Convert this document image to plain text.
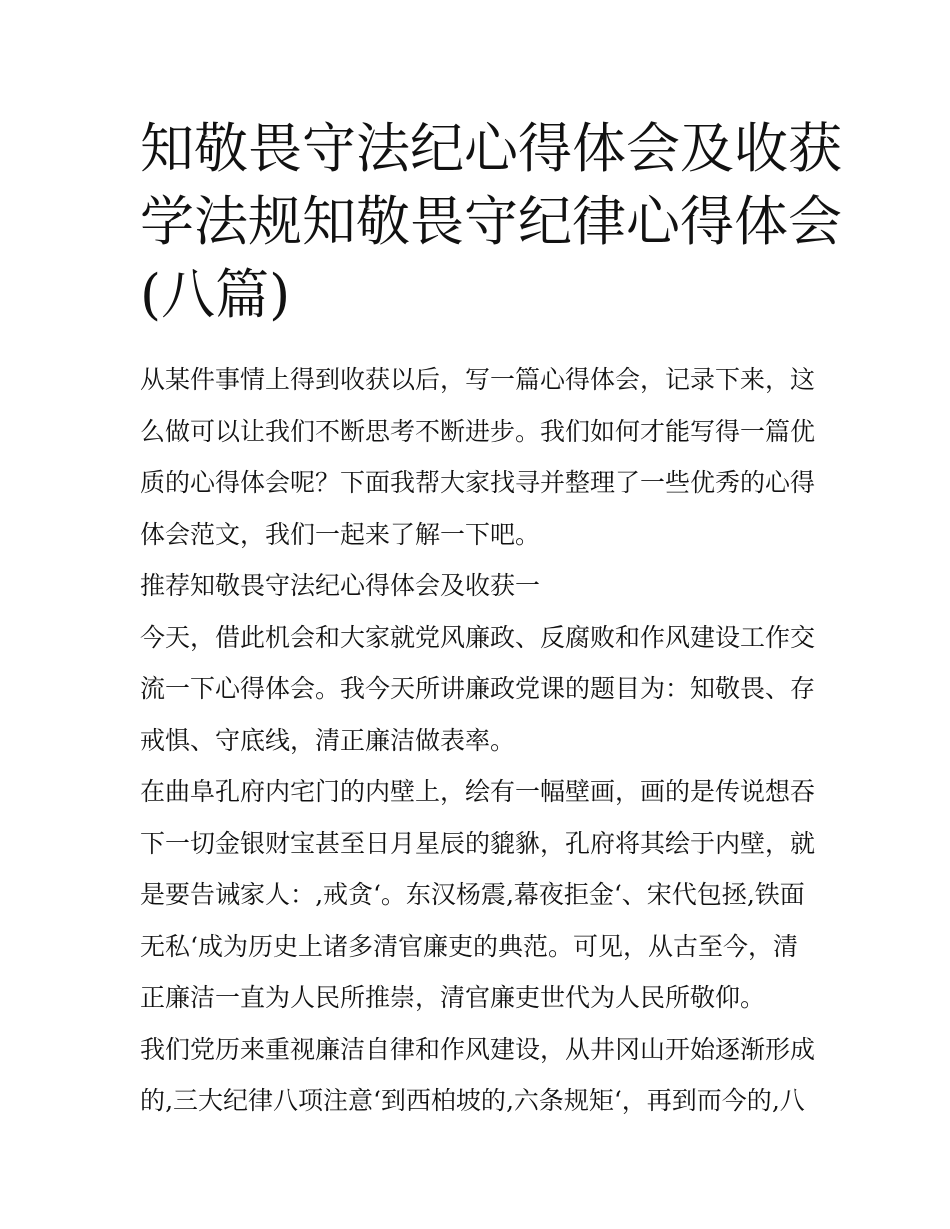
知敬畏守法纪心得体会及收获
学法规知敬畏守纪律心得体会
(八篇)
从某件事情上得到收获以后，写一篇心得体会，记录下来，这
么做可以让我们不断思考不断进步。我们如何才能写得一篇优
质的心得体会呢？下面我帮大家找寻并整理了一些优秀的心得
体会范文，我们一起来了解一下吧。
推荐知敬畏守法纪心得体会及收获一
今天，借此机会和大家就党风廉政、反腐败和作风建设工作交
流一下心得体会。我今天所讲廉政党课的题目为：知敬畏、存
戒惧、守底线，清正廉洁做表率。
在曲阜孔府内宅门的内壁上，绘有一幅壁画，画的是传说想吞
下一切金银财宝甚至日月星辰的貔貅，孔府将其绘于内壁，就
是要告诫家人：‚戒贪‘。东汉杨震‚幕夜拒金‘、宋代包拯‚铁面
无私‘成为历史上诸多清官廉吏的典范。可见，从古至今，清
正廉洁一直为人民所推崇，清官廉吏世代为人民所敬仰。
我们党历来重视廉洁自律和作风建设，从井冈山开始逐渐形成
的‚三大纪律八项注意‘到西柏坡的‚六条规矩‘，再到而今的‚八
